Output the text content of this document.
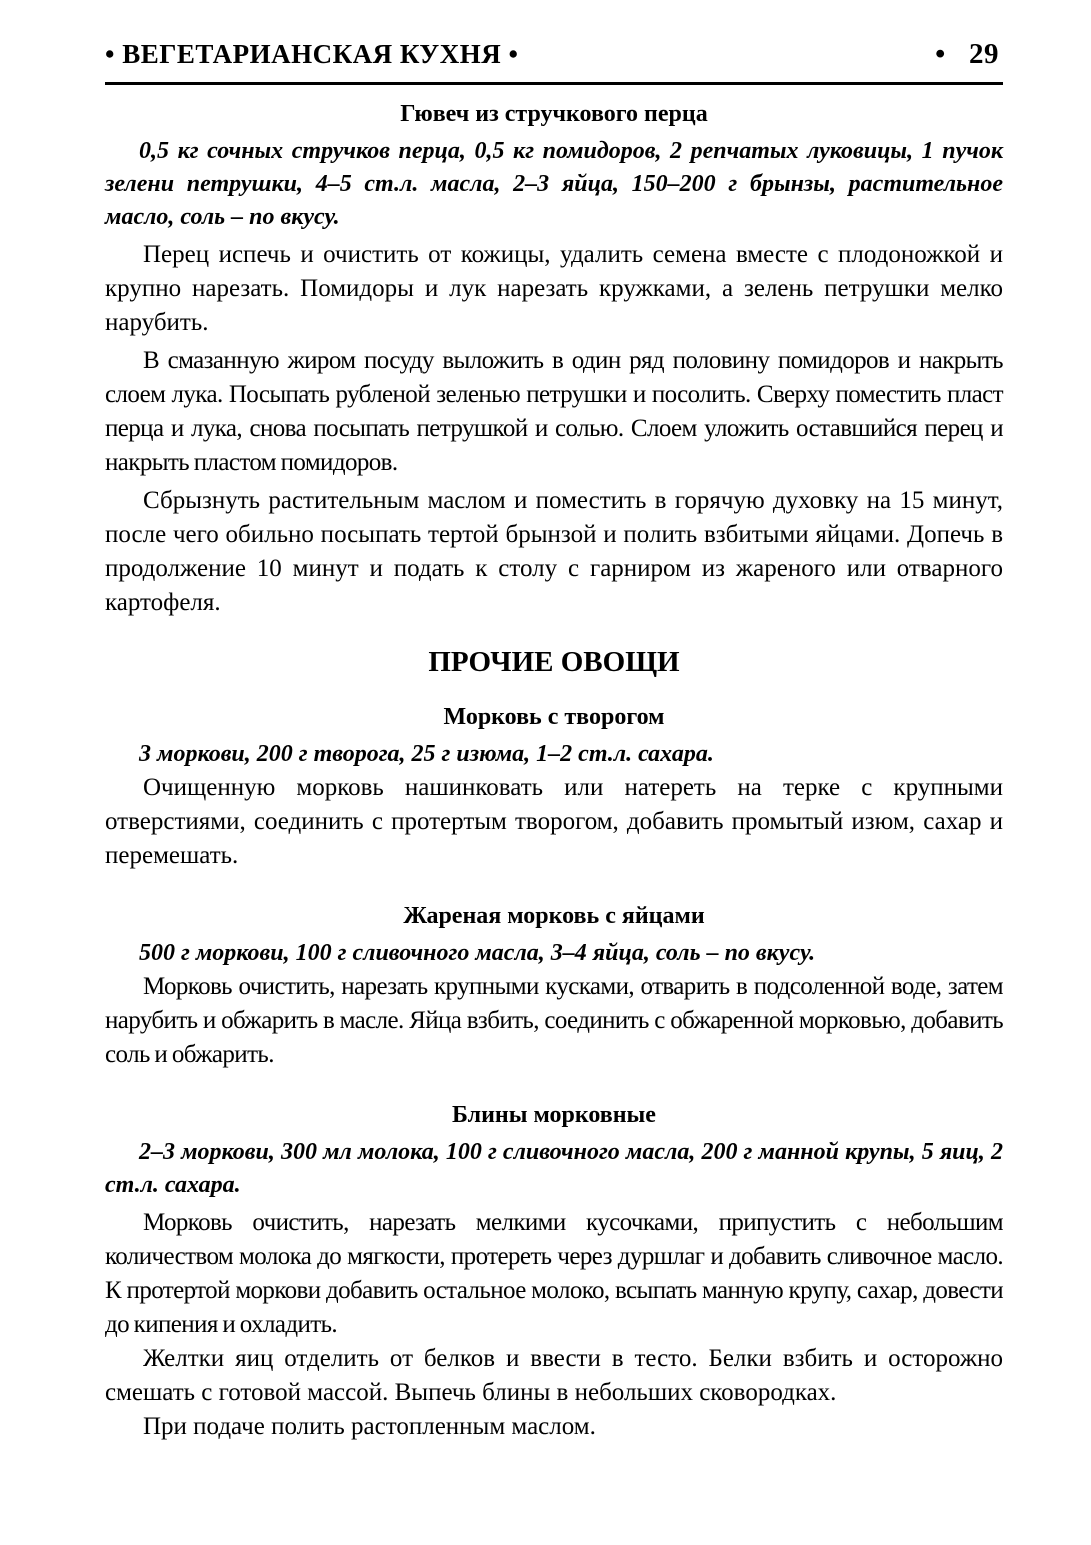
• ВЕГЕТАРИАНСКАЯ КУХНЯ •	• 29
Гювеч из стручкового перца

0,5 кг сочных стручков перца, 0,5 кг помидоров, 2 репчатых луковицы, 1 пучок зелени петрушки, 4–5 ст.л. масла, 2–3 яйца, 150–200 г брынзы, растительное масло, соль – по вкусу.

Перец испечь и очистить от кожицы, удалить семена вместе с плодоножкой и крупно нарезать. Помидоры и лук нарезать кружками, а зелень петрушки мелко нарубить.

В смазанную жиром посуду выложить в один ряд половину помидоров и накрыть слоем лука. Посыпать рубленой зеленью петрушки и посолить. Сверху поместить пласт перца и лука, снова посыпать петрушкой и солью. Слоем уложить оставшийся перец и накрыть пластом помидоров.

Сбрызнуть растительным маслом и поместить в горячую духовку на 15 минут, после чего обильно посыпать тертой брынзой и полить взбитыми яйцами. Допечь в продолжение 10 минут и подать к столу с гарниром из жареного или отварного картофеля.

ПРОЧИЕ ОВОЩИ
Морковь с творогом

3 моркови, 200 г творога, 25 г изюма, 1–2 ст.л. сахара.

Очищенную морковь нашинковать или натереть на терке с крупными отверстиями, соединить с протертым творогом, добавить промытый изюм, сахар и перемешать.

Жареная морковь с яйцами

500 г моркови, 100 г сливочного масла, 3–4 яйца, соль – по вкусу.

Морковь очистить, нарезать крупными кусками, отварить в подсоленной воде, затем нарубить и обжарить в масле. Яйца взбить, соединить с обжаренной морковью, добавить соль и обжарить.

Блины морковные

2–3 моркови, 300 мл молока, 100 г сливочного масла, 200 г манной крупы, 5 яиц, 2 ст.л. сахара.

Морковь очистить, нарезать мелкими кусочками, припустить с небольшим количеством молока до мягкости, протереть через дуршлаг и добавить сливочное масло. К протертой моркови добавить остальное молоко, всыпать манную крупу, сахар, довести до кипения и охладить.

Желтки яиц отделить от белков и ввести в тесто. Белки взбить и осторожно смешать с готовой массой. Выпечь блины в небольших сковородках.

При подаче полить растопленным маслом.
